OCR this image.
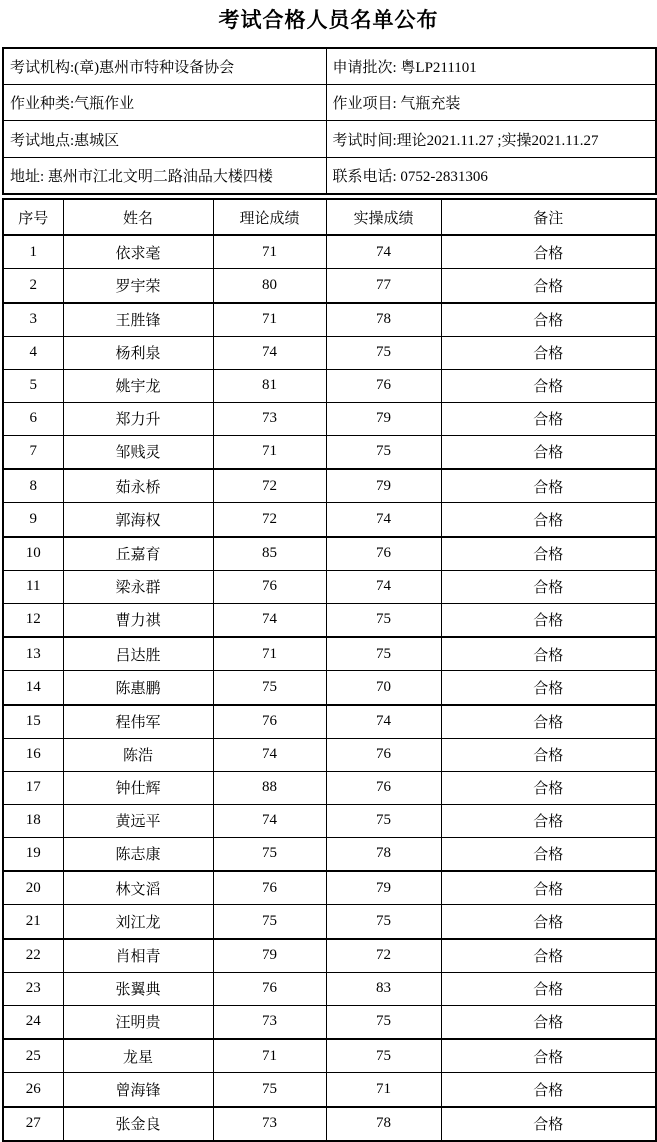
考试合格人员名单公布
考试机构:(章)惠州市特种设备协会	申请批次: 粤LP211101
作业种类:气瓶作业	作业项目: 气瓶充装
考试地点:惠城区	考试时间:理论2021.11.27 ;实操2021.11.27
地址: 惠州市江北文明二路油品大楼四楼	联系电话: 0752-2831306
序号	姓名	理论成绩	实操成绩	备注
1	依求毫	71	74	合格
2	罗宇荣	80	77	合格
3	王胜锋	71	78	合格
4	杨利泉	74	75	合格
5	姚宇龙	81	76	合格
6	郑力升	73	79	合格
7	邹贱灵	71	75	合格
8	茹永桥	72	79	合格
9	郭海权	72	74	合格
10	丘嘉育	85	76	合格
11	梁永群	76	74	合格
12	曹力祺	74	75	合格
13	吕达胜	71	75	合格
14	陈惠鹏	75	70	合格
15	程伟军	76	74	合格
16	陈浩	74	76	合格
17	钟仕辉	88	76	合格
18	黄远平	74	75	合格
19	陈志康	75	78	合格
20	林文滔	76	79	合格
21	刘江龙	75	75	合格
22	肖相青	79	72	合格
23	张翼典	76	83	合格
24	汪明贵	73	75	合格
25	龙星	71	75	合格
26	曾海锋	75	71	合格
27	张金良	73	78	合格
